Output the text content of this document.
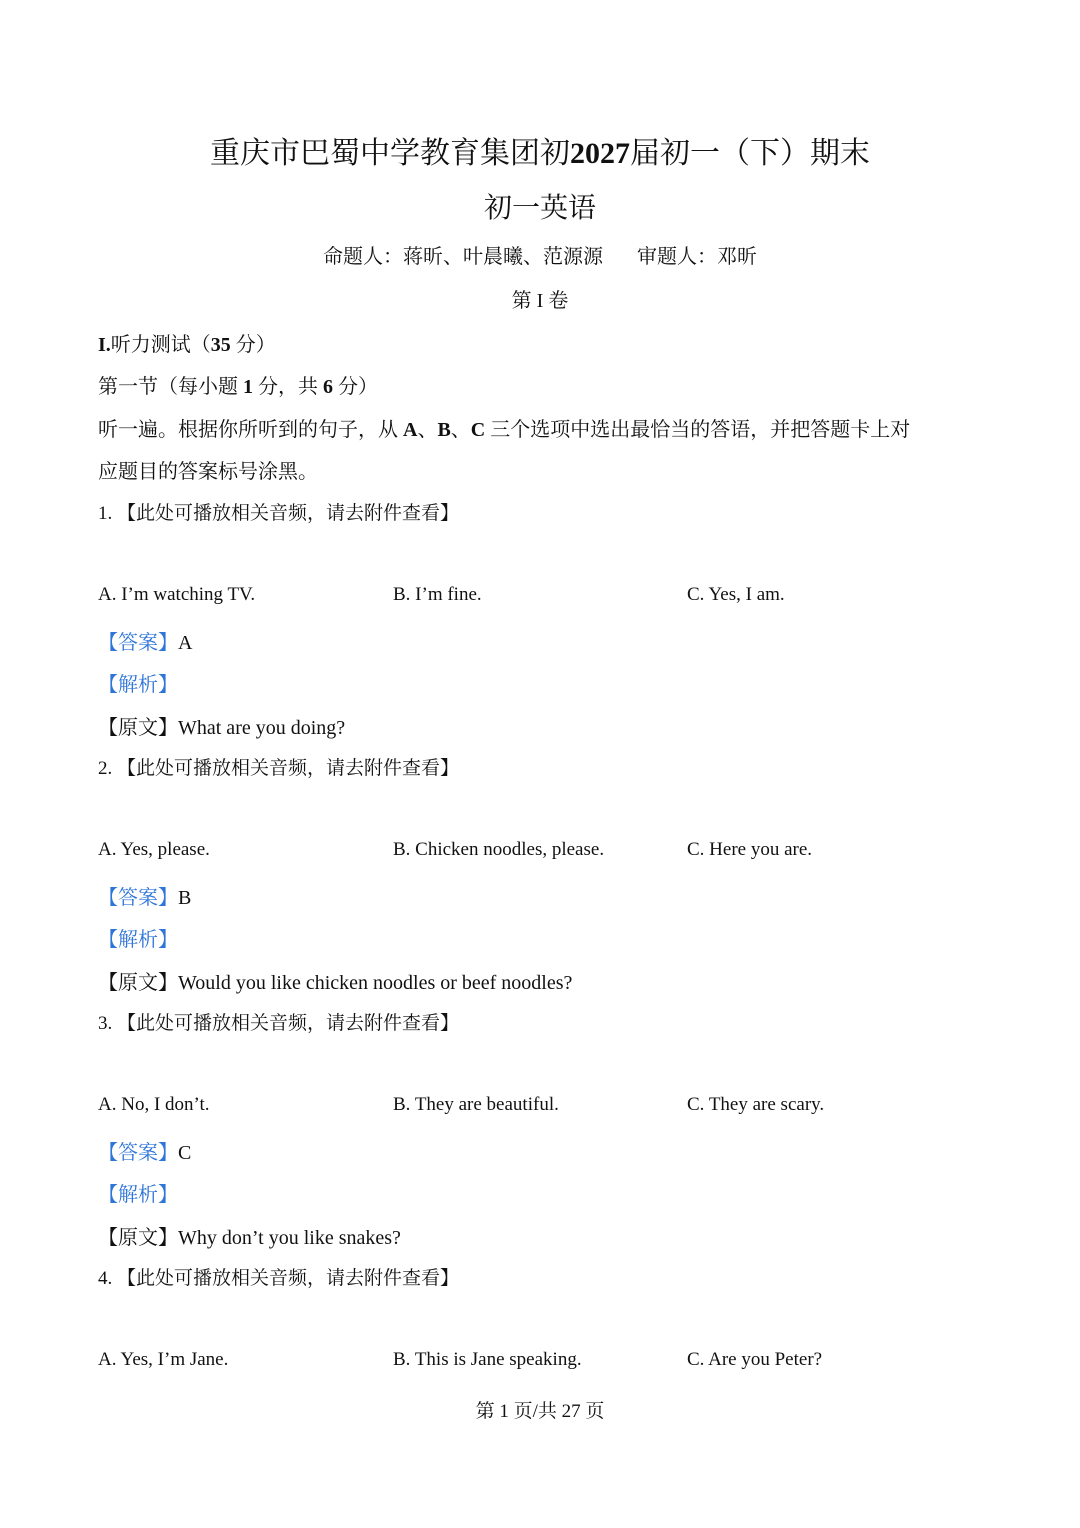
重庆市巴蜀中学教育集团初2027届初一（下）期末
初一英语
命题人：蒋昕、叶晨曦、范源源 审题人：邓昕
第 I 卷
I.听力测试（35 分）
第一节（每小题 1 分，共 6 分）
听一遍。根据你所听到的句子，从 A、B、C 三个选项中选出最恰当的答语，并把答题卡上对
应题目的答案标号涂黑。
1. 【此处可播放相关音频，请去附件查看】
A. I’m watching TV.	B. I’m fine.	C. Yes, I am.
【答案】A
【解析】
【原文】What are you doing?
2. 【此处可播放相关音频，请去附件查看】
A. Yes, please.	B. Chicken noodles, please.	C. Here you are.
【答案】B
【解析】
【原文】Would you like chicken noodles or beef noodles?
3. 【此处可播放相关音频，请去附件查看】
A. No, I don’t.	B. They are beautiful.	C. They are scary.
【答案】C
【解析】
【原文】Why don’t you like snakes?
4. 【此处可播放相关音频，请去附件查看】
A. Yes, I’m Jane.	B. This is Jane speaking.	C. Are you Peter?
第 1 页/共 27 页
